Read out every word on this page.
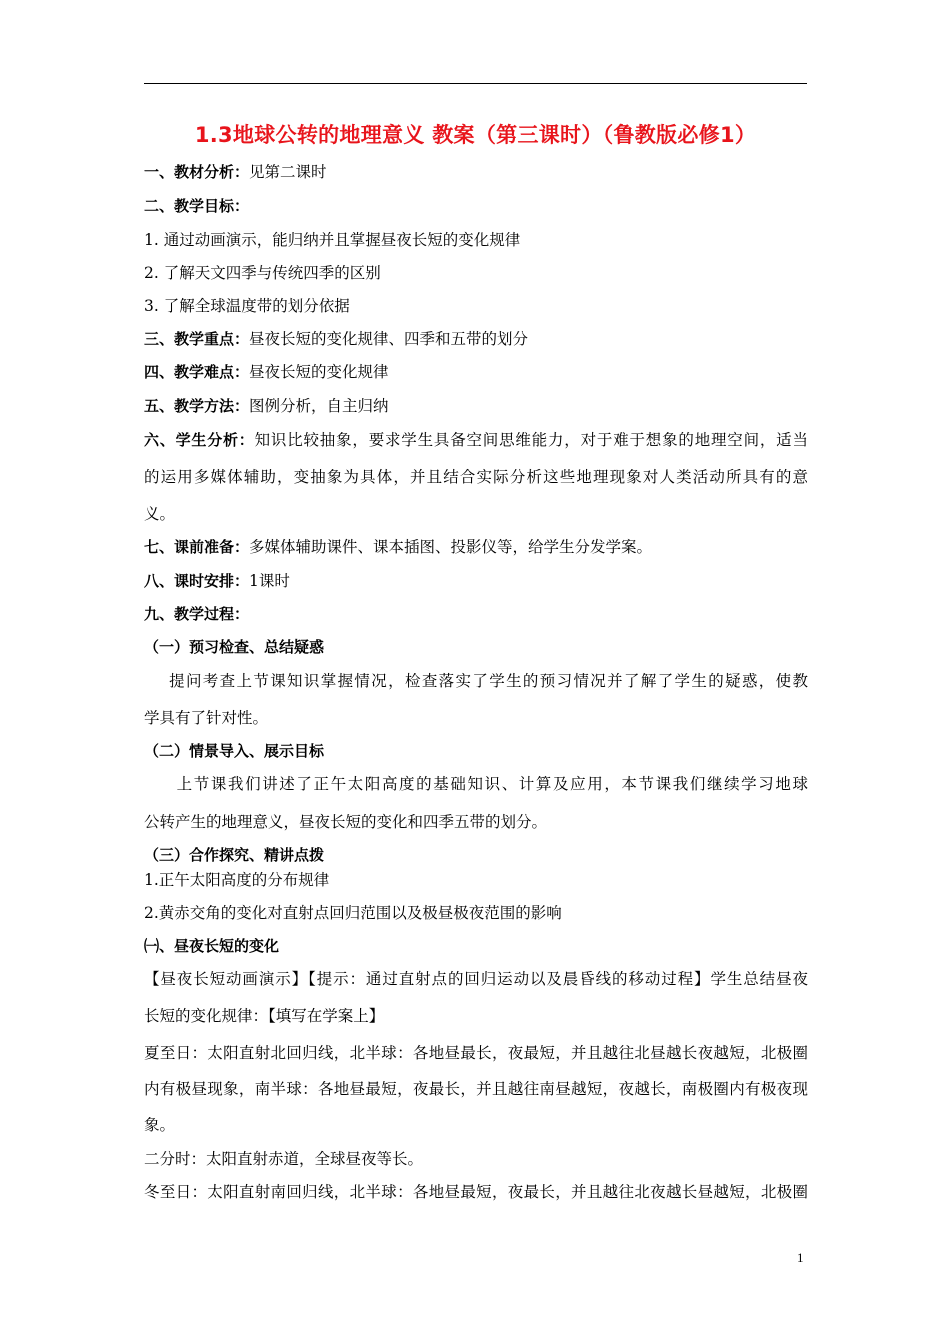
1.3地球公转的地理意义 教案（第三课时）（鲁教版必修1）
一、教材分析：见第二课时
二、教学目标：
1. 通过动画演示，能归纳并且掌握昼夜长短的变化规律
2. 了解天文四季与传统四季的区别
3. 了解全球温度带的划分依据
三、教学重点：昼夜长短的变化规律、四季和五带的划分
四、教学难点：昼夜长短的变化规律
五、教学方法：图例分析，自主归纳
六、学生分析：知识比较抽象，要求学生具备空间思维能力，对于难于想象的地理空间，适当
的运用多媒体辅助，变抽象为具体，并且结合实际分析这些地理现象对人类活动所具有的意
义。
七、课前准备：多媒体辅助课件、课本插图、投影仪等，给学生分发学案。
八、课时安排：1课时
九、教学过程：
（一）预习检查、总结疑惑
提问考查上节课知识掌握情况，检查落实了学生的预习情况并了解了学生的疑惑，使教
学具有了针对性。
（二）情景导入、展示目标
上节课我们讲述了正午太阳高度的基础知识、计算及应用，本节课我们继续学习地球
公转产生的地理意义，昼夜长短的变化和四季五带的划分。
（三）合作探究、精讲点拨
1.正午太阳高度的分布规律
2.黄赤交角的变化对直射点回归范围以及极昼极夜范围的影响
㈠、昼夜长短的变化
【昼夜长短动画演示】【提示：通过直射点的回归运动以及晨昏线的移动过程】学生总结昼夜
长短的变化规律：【填写在学案上】
夏至日：太阳直射北回归线，北半球：各地昼最长，夜最短，并且越往北昼越长夜越短，北极圈
内有极昼现象，南半球：各地昼最短，夜最长，并且越往南昼越短，夜越长，南极圈内有极夜现
象。
二分时：太阳直射赤道，全球昼夜等长。
冬至日：太阳直射南回归线，北半球：各地昼最短，夜最长，并且越往北夜越长昼越短，北极圈
1
